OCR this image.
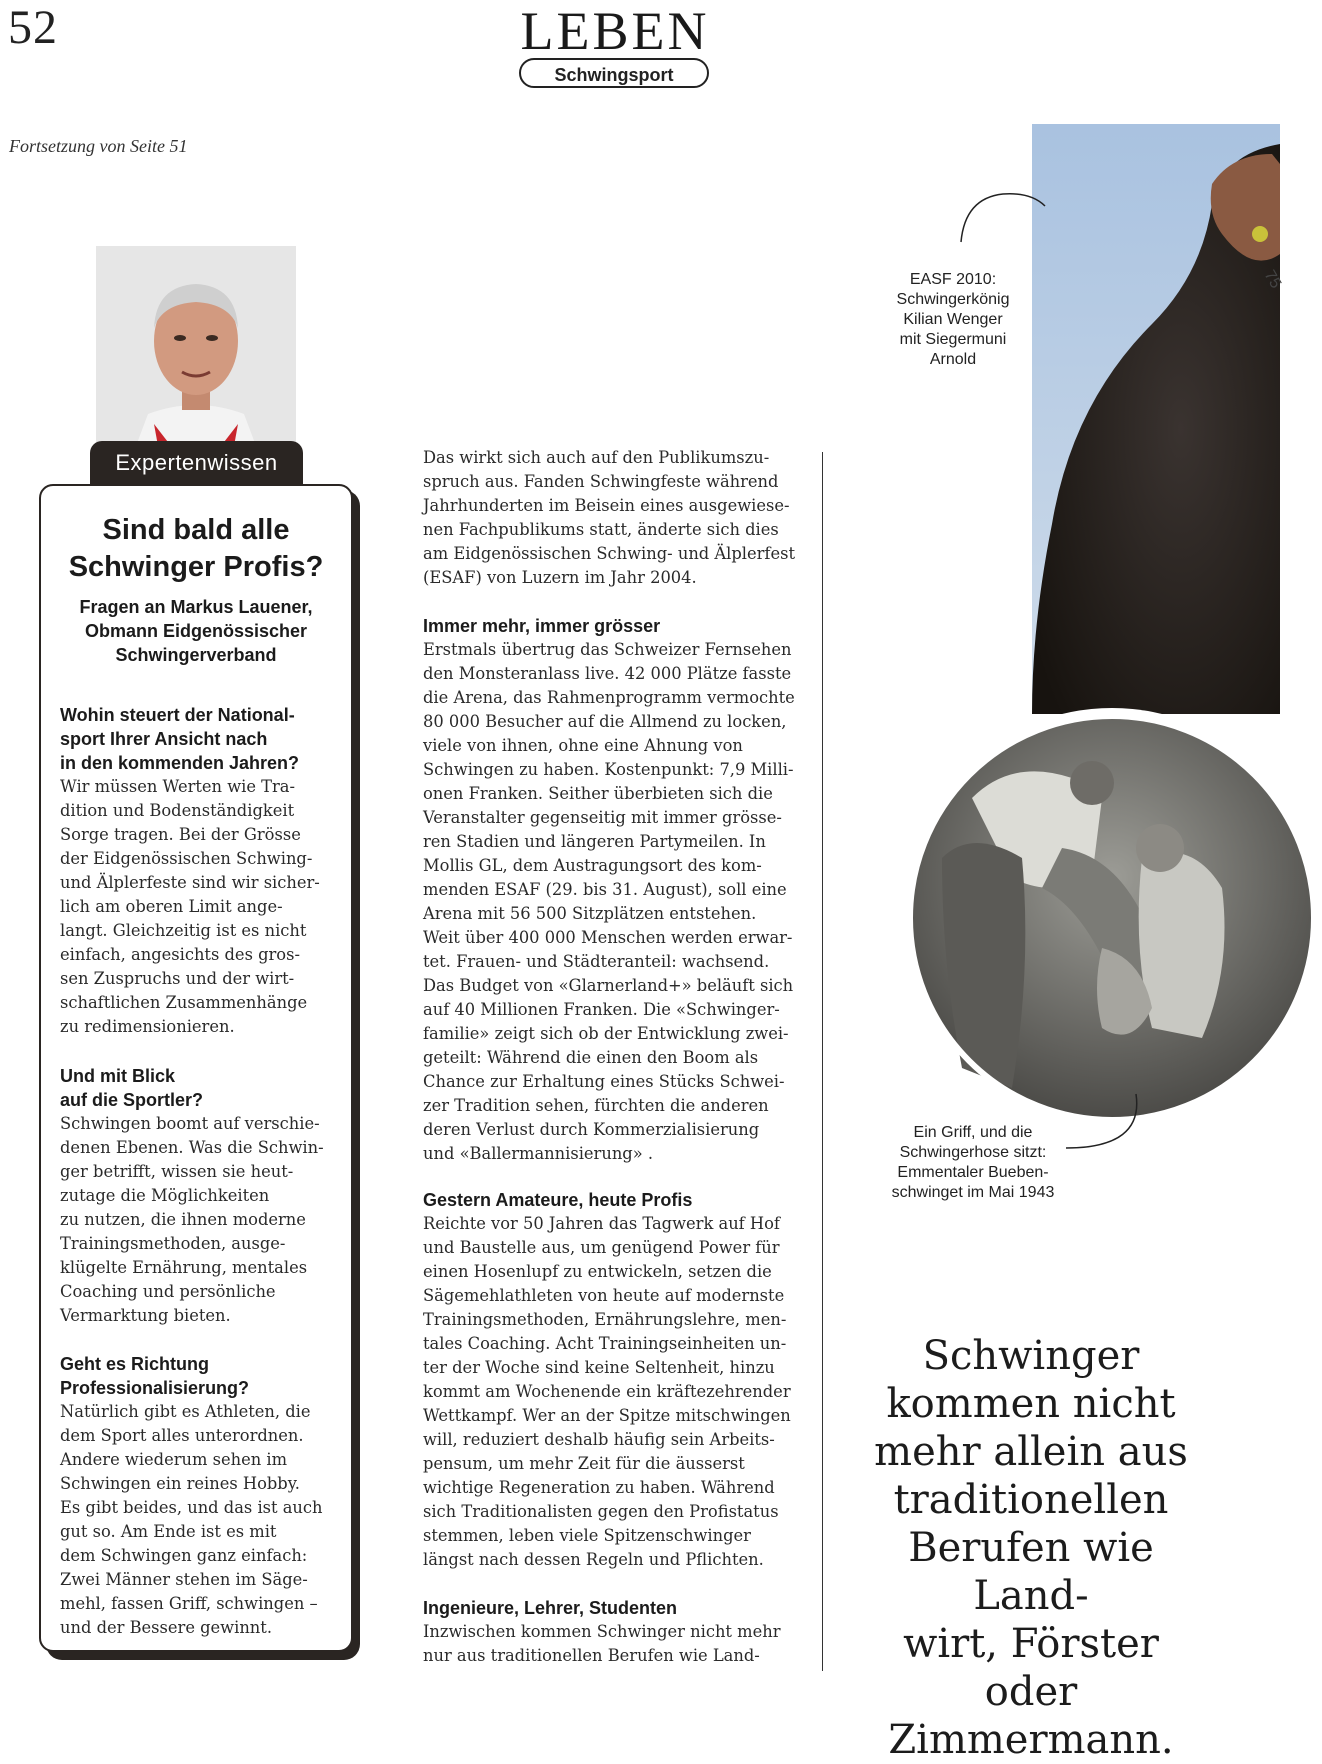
52	LEBEN
Schwingsport
Fortsetzung von Seite 51
Expertenwissen
Sind bald alle
Schwinger Profis?
Fragen an Markus Lauener,
Obmann Eidgenössischer
Schwingerverband
Wohin steuert der National-
sport Ihrer Ansicht nach
in den kommenden Jahren?
Wir müssen Werten wie Tra-
dition und Bodenständigkeit
Sorge tragen. Bei der Grösse
der Eidgenössischen Schwing-
und Älplerfeste sind wir sicher-
lich am oberen Limit ange-
langt. Gleichzeitig ist es nicht
einfach, angesichts des gros-
sen Zuspruchs und der wirt-
schaftlichen Zusammenhänge
zu redimensionieren.
Und mit Blick
auf die Sportler?
Schwingen boomt auf verschie-
denen Ebenen. Was die Schwin-
ger betrifft, wissen sie heut-
zutage die Möglichkeiten
zu nutzen, die ihnen moderne
Trainingsmethoden, ausge-
klügelte Ernährung, mentales
Coaching und persönliche
Vermarktung bieten.
Geht es Richtung
Professionalisierung?
Natürlich gibt es Athleten, die
dem Sport alles unterordnen.
Andere wiederum sehen im
Schwingen ein reines Hobby.
Es gibt beides, und das ist auch
gut so. Am Ende ist es mit
dem Schwingen ganz einfach:
Zwei Männer stehen im Säge-
mehl, fassen Griff, schwingen –
und der Bessere gewinnt.
Das wirkt sich auch auf den Publikumszu-
spruch aus. Fanden Schwingfeste während
Jahrhunderten im Beisein eines ausgewiese-
nen Fachpublikums statt, änderte sich dies
am Eidgenössischen Schwing- und Älplerfest
(ESAF) von Luzern im Jahr 2004.
Immer mehr, immer grösser
Erstmals übertrug das Schweizer Fernsehen
den Monsteranlass live. 42 000 Plätze fasste
die Arena, das Rahmenprogramm vermochte
80 000 Besucher auf die Allmend zu locken,
viele von ihnen, ohne eine Ahnung von
Schwingen zu haben. Kostenpunkt: 7,9 Milli-
onen Franken. Seither überbieten sich die
Veranstalter gegenseitig mit immer grösse-
ren Stadien und längeren Partymeilen. In
Mollis GL, dem Austragungsort des kom-
menden ESAF (29. bis 31. August), soll eine
Arena mit 56 500 Sitzplätzen entstehen.
Weit über 400 000 Menschen werden erwar-
tet. Frauen- und Städteranteil: wachsend.
Das Budget von «Glarnerland+» beläuft sich
auf 40 Millionen Franken. Die «Schwinger-
familie» zeigt sich ob der Entwicklung zwei-
geteilt: Während die einen den Boom als
Chance zur Erhaltung eines Stücks Schwei-
zer Tradition sehen, fürchten die anderen
deren Verlust durch Kommerzialisierung
und «Ballermannisierung» .
Gestern Amateure, heute Profis
Reichte vor 50 Jahren das Tagwerk auf Hof
und Baustelle aus, um genügend Power für
einen Hosenlupf zu entwickeln, setzen die
Sägemehlathleten von heute auf modernste
Trainingsmethoden, Ernährungslehre, men-
tales Coaching. Acht Trainingseinheiten un-
ter der Woche sind keine Seltenheit, hinzu
kommt am Wochenende ein kräftezehrender
Wettkampf. Wer an der Spitze mitschwingen
will, reduziert deshalb häufig sein Arbeits-
pensum, um mehr Zeit für die äusserst
wichtige Regeneration zu haben. Während
sich Traditionalisten gegen den Profistatus
stemmen, leben viele Spitzenschwinger
längst nach dessen Regeln und Pflichten.
Ingenieure, Lehrer, Studenten
Inzwischen kommen Schwinger nicht mehr
nur aus traditionellen Berufen wie Land-
75
EASF 2010:
Schwingerkönig
Kilian Wenger
mit Siegermuni
Arnold
Ein Griff, und die
Schwingerhose sitzt:
Emmentaler Bueben-
schwinget im Mai 1943
Schwinger
kommen nicht
mehr allein aus
traditionellen
Berufen wie Land-
wirt, Förster oder
Zimmermann.
